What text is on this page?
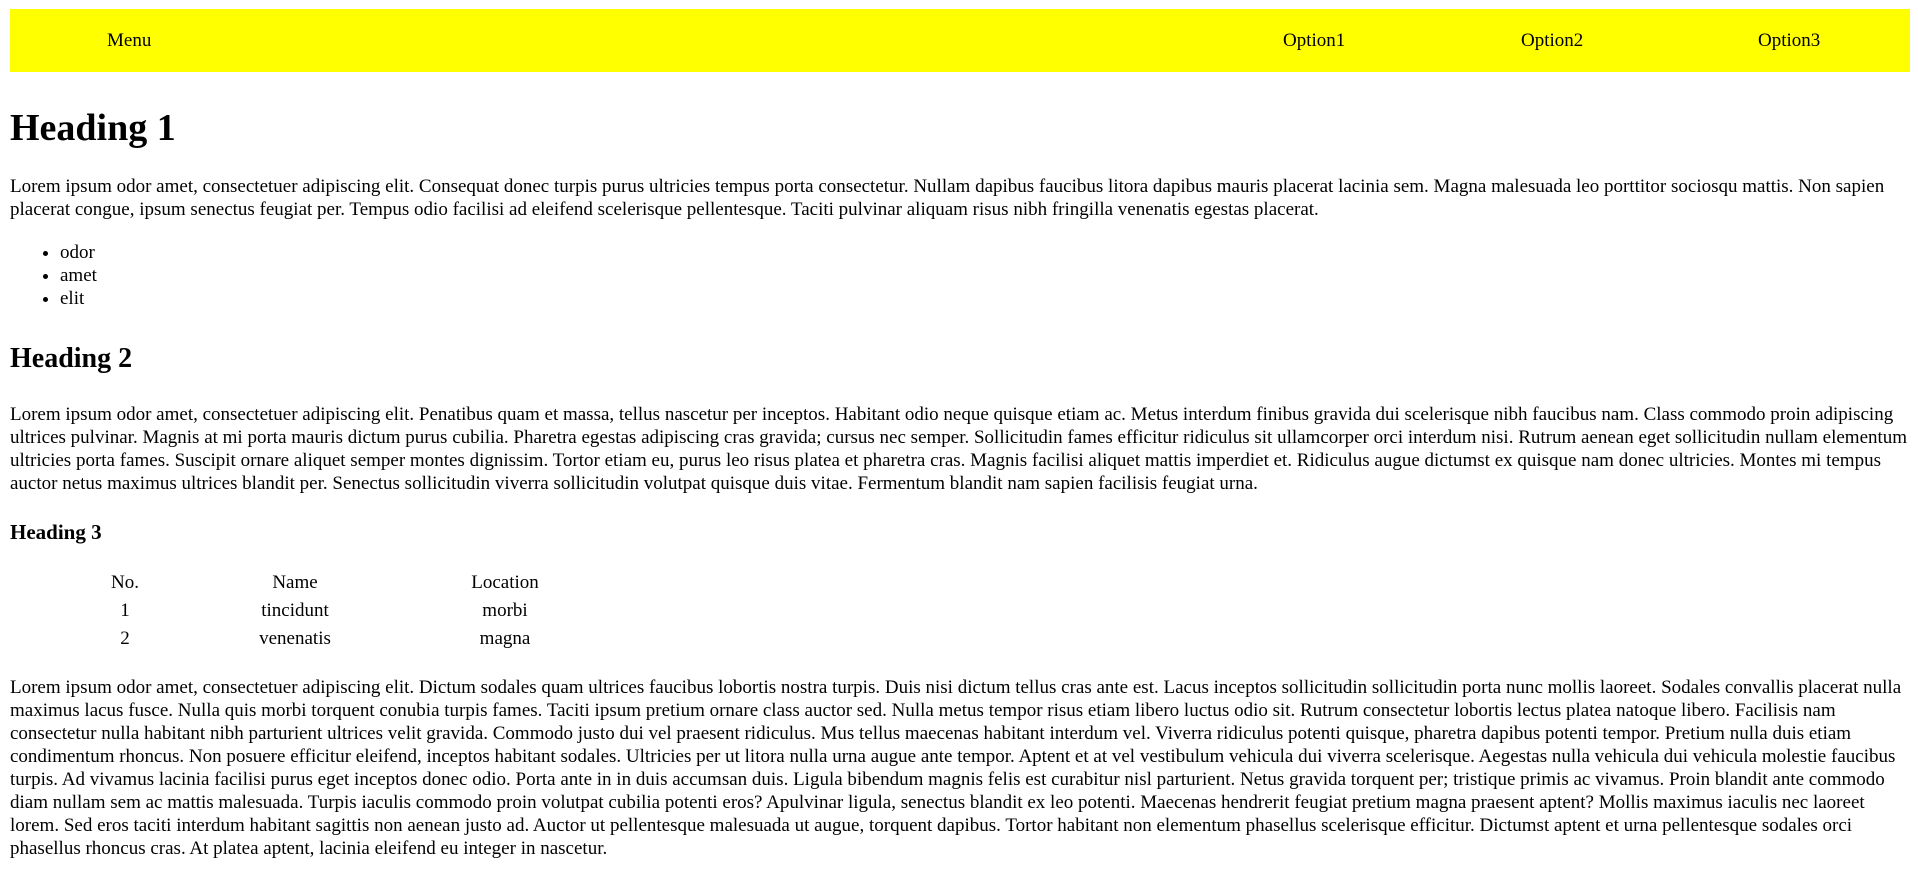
Menu	Option1	Option2	Option3
Heading 1

Lorem ipsum odor amet, consectetuer adipiscing elit. Consequat donec turpis purus ultricies tempus porta consectetur. Nullam dapibus faucibus litora dapibus mauris placerat lacinia sem. Magna malesuada leo porttitor sociosqu mattis. Non sapien placerat congue, ipsum senectus feugiat per. Tempus odio facilisi ad eleifend scelerisque pellentesque. Taciti pulvinar aliquam risus nibh fringilla venenatis egestas placerat.

• odor
• amet
• elit
Heading 2

Lorem ipsum odor amet, consectetuer adipiscing elit. Penatibus quam et massa, tellus nascetur per inceptos. Habitant odio neque quisque etiam ac. Metus interdum finibus gravida dui scelerisque nibh faucibus nam. Class commodo proin adipiscing ultrices pulvinar. Magnis at mi porta mauris dictum purus cubilia. Pharetra egestas adipiscing cras gravida; cursus nec semper. Sollicitudin fames efficitur ridiculus sit ullamcorper orci interdum nisi. Rutrum aenean eget sollicitudin nullam elementum ultricies porta fames. Suscipit ornare aliquet semper montes dignissim. Tortor etiam eu, purus leo risus platea et pharetra cras. Magnis facilisi aliquet mattis imperdiet et. Ridiculus augue dictumst ex quisque nam donec ultricies. Montes mi tempus auctor netus maximus ultrices blandit per. Senectus sollicitudin viverra sollicitudin volutpat quisque duis vitae. Fermentum blandit nam sapien facilisis feugiat urna.

Heading 3
No.	Name	Location
1	tincidunt	morbi
2	venenatis	magna

Lorem ipsum odor amet, consectetuer adipiscing elit. Dictum sodales quam ultrices faucibus lobortis nostra turpis. Duis nisi dictum tellus cras ante est. Lacus inceptos sollicitudin sollicitudin porta nunc mollis laoreet. Sodales convallis placerat nulla maximus lacus fusce. Nulla quis morbi torquent conubia turpis fames. Taciti ipsum pretium ornare class auctor sed. Nulla metus tempor risus etiam libero luctus odio sit. Rutrum consectetur lobortis lectus platea natoque libero. Facilisis nam consectetur nulla habitant nibh parturient ultrices velit gravida. Commodo justo dui vel praesent ridiculus. Mus tellus maecenas habitant interdum vel. Viverra ridiculus potenti quisque, pharetra dapibus potenti tempor. Pretium nulla duis etiam condimentum rhoncus. Non posuere efficitur eleifend, inceptos habitant sodales. Ultricies per ut litora nulla urna augue ante tempor. Aptent et at vel vestibulum vehicula dui viverra scelerisque. Aegestas nulla vehicula dui vehicula molestie faucibus turpis. Ad vivamus lacinia facilisi purus eget inceptos donec odio. Porta ante in in duis accumsan duis. Ligula bibendum magnis felis est curabitur nisl parturient. Netus gravida torquent per; tristique primis ac vivamus. Proin blandit ante commodo diam nullam sem ac mattis malesuada. Turpis iaculis commodo proin volutpat cubilia potenti eros? Apulvinar ligula, senectus blandit ex leo potenti. Maecenas hendrerit feugiat pretium magna praesent aptent? Mollis maximus iaculis nec laoreet lorem. Sed eros taciti interdum habitant sagittis non aenean justo ad. Auctor ut pellentesque malesuada ut augue, torquent dapibus. Tortor habitant non elementum phasellus scelerisque efficitur. Dictumst aptent et urna pellentesque sodales orci phasellus rhoncus cras. At platea aptent, lacinia eleifend eu integer in nascetur.
